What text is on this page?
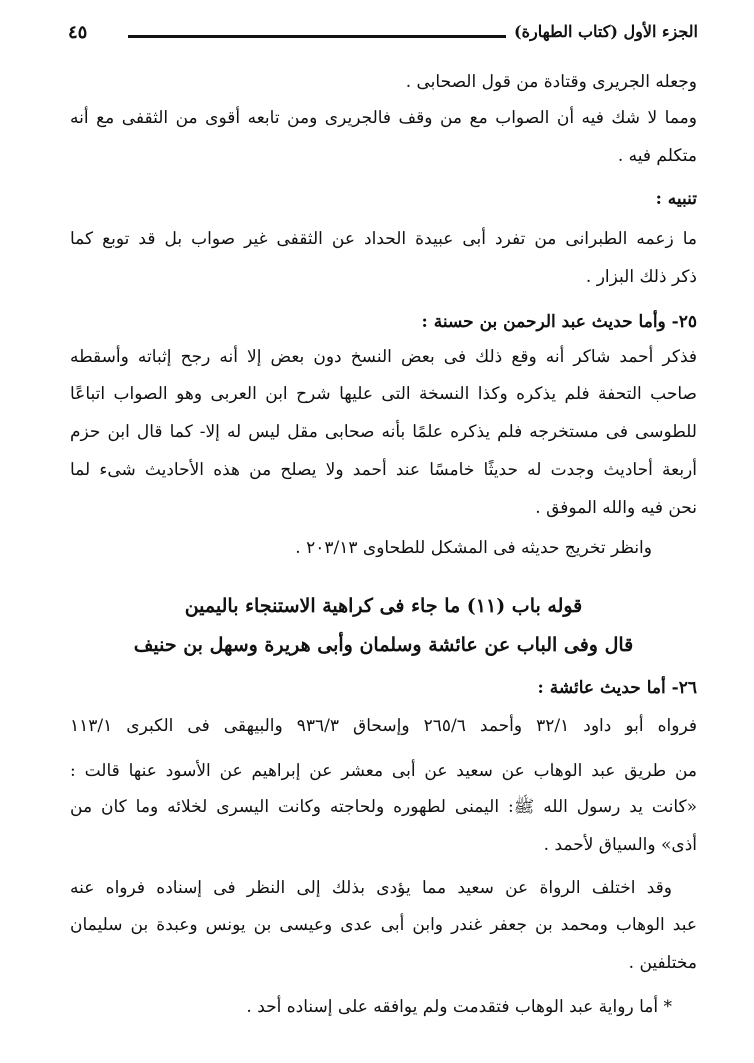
الجزء الأول (كتاب الطهارة)
٤٥
وجعله الجريرى وقتادة من قول الصحابى .
ومما لا شك فيه أن الصواب مع من وقف فالجريرى ومن تابعه أقوى من الثقفى مع أنه
متكلم فيه .
تنبيه :
ما زعمه الطبرانى من تفرد أبى عبيدة الحداد عن الثقفى غير صواب بل قد توبع كما
ذكر ذلك البزار .
٢٥- وأما حديث عبد الرحمن بن حسنة :
فذكر أحمد شاكر أنه وقع ذلك فى بعض النسخ دون بعض إلا أنه رجح إثباته وأسقطه
صاحب التحفة فلم يذكره وكذا النسخة التى عليها شرح ابن العربى وهو الصواب اتباعًا
للطوسى فى مستخرجه فلم يذكره علمًا بأنه صحابى مقل ليس له إلا- كما قال ابن حزم
أربعة أحاديث وجدت له حديثًا خامسًا عند أحمد ولا يصلح من هذه الأحاديث شىء لما
نحن فيه والله الموفق .
وانظر تخريج حديثه فى المشكل للطحاوى ٢٠٣/١٣ .
قوله باب (١١) ما جاء فى كراهية الاستنجاء باليمين
قال وفى الباب عن عائشة وسلمان وأبى هريرة وسهل بن حنيف
٢٦- أما حديث عائشة :
فرواه أبو داود ٣٢/١ وأحمد ٢٦٥/٦ وإسحاق ٩٣٦/٣ والبيهقى فى الكبرى ١١٣/١
من طريق عبد الوهاب عن سعيد عن أبى معشر عن إبراهيم عن الأسود عنها قالت :
«كانت يد رسول الله ﷺ: اليمنى لطهوره ولحاجته وكانت اليسرى لخلائه وما كان من
أذى» والسياق لأحمد .
وقد اختلف الرواة عن سعيد مما يؤدى بذلك إلى النظر فى إسناده فرواه عنه
عبد الوهاب ومحمد بن جعفر غندر وابن أبى عدى وعيسى بن يونس وعبدة بن سليمان
مختلفين .
* أما رواية عبد الوهاب فتقدمت ولم يوافقه على إسناده أحد .
